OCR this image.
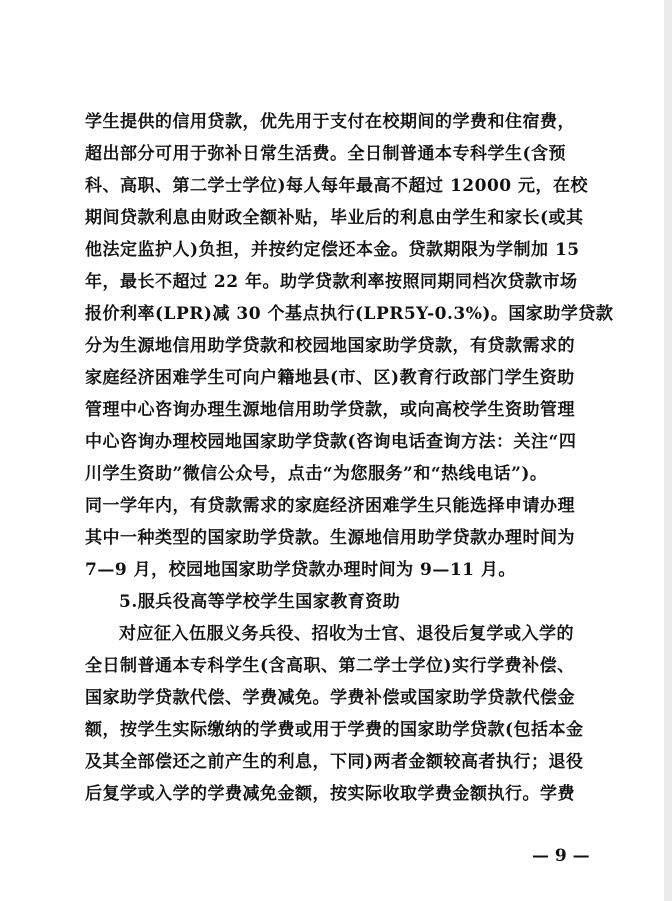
学生提供的信用贷款，优先用于支付在校期间的学费和住宿费，
超出部分可用于弥补日常生活费。全日制普通本专科学生(含预
科、高职、第二学士学位)每人每年最高不超过 12000 元，在校
期间贷款利息由财政全额补贴，毕业后的利息由学生和家长(或其
他法定监护人)负担，并按约定偿还本金。贷款期限为学制加 15
年，最长不超过 22 年。助学贷款利率按照同期同档次贷款市场
报价利率(LPR)减 30 个基点执行(LPR5Y-0.3%)。国家助学贷款
分为生源地信用助学贷款和校园地国家助学贷款，有贷款需求的
家庭经济困难学生可向户籍地县(市、区)教育行政部门学生资助
管理中心咨询办理生源地信用助学贷款，或向高校学生资助管理
中心咨询办理校园地国家助学贷款(咨询电话查询方法：关注“四
川学生资助”微信公众号，点击“为您服务”和“热线电话”)。
同一学年内，有贷款需求的家庭经济困难学生只能选择申请办理
其中一种类型的国家助学贷款。生源地信用助学贷款办理时间为
7—9 月，校园地国家助学贷款办理时间为 9—11 月。
5.服兵役高等学校学生国家教育资助
对应征入伍服义务兵役、招收为士官、退役后复学或入学的
全日制普通本专科学生(含高职、第二学士学位)实行学费补偿、
国家助学贷款代偿、学费减免。学费补偿或国家助学贷款代偿金
额，按学生实际缴纳的学费或用于学费的国家助学贷款(包括本金
及其全部偿还之前产生的利息，下同)两者金额较高者执行；退役
后复学或入学的学费减免金额，按实际收取学费金额执行。学费
— 9 —
